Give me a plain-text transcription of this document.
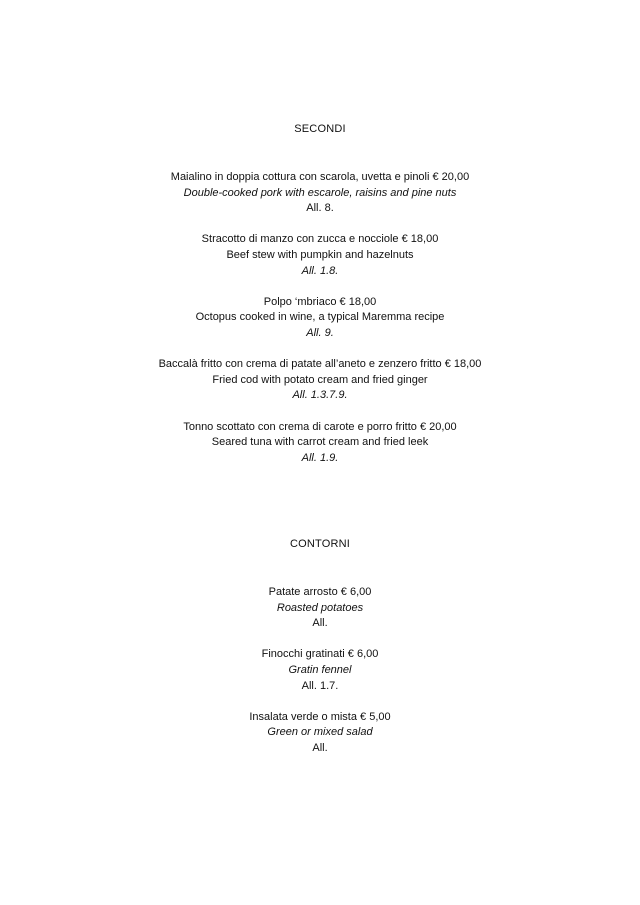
SECONDI
Maialino in doppia cottura con scarola, uvetta e pinoli € 20,00
Double-cooked pork with escarole, raisins and pine nuts
All. 8.
Stracotto di manzo con zucca e nocciole € 18,00
Beef stew with pumpkin and hazelnuts
All. 1.8.
Polpo ‘mbriaco € 18,00
Octopus cooked in wine, a typical Maremma recipe
All. 9.
Baccalà fritto con crema di patate all’aneto e zenzero fritto € 18,00
Fried cod with potato cream and fried ginger
All. 1.3.7.9.
Tonno scottato con crema di carote e porro fritto € 20,00
Seared tuna with carrot cream and fried leek
All. 1.9.
CONTORNI
Patate arrosto € 6,00
Roasted potatoes
All.
Finocchi gratinati € 6,00
Gratin fennel
All. 1.7.
Insalata verde o mista € 5,00
Green or mixed salad
All.
